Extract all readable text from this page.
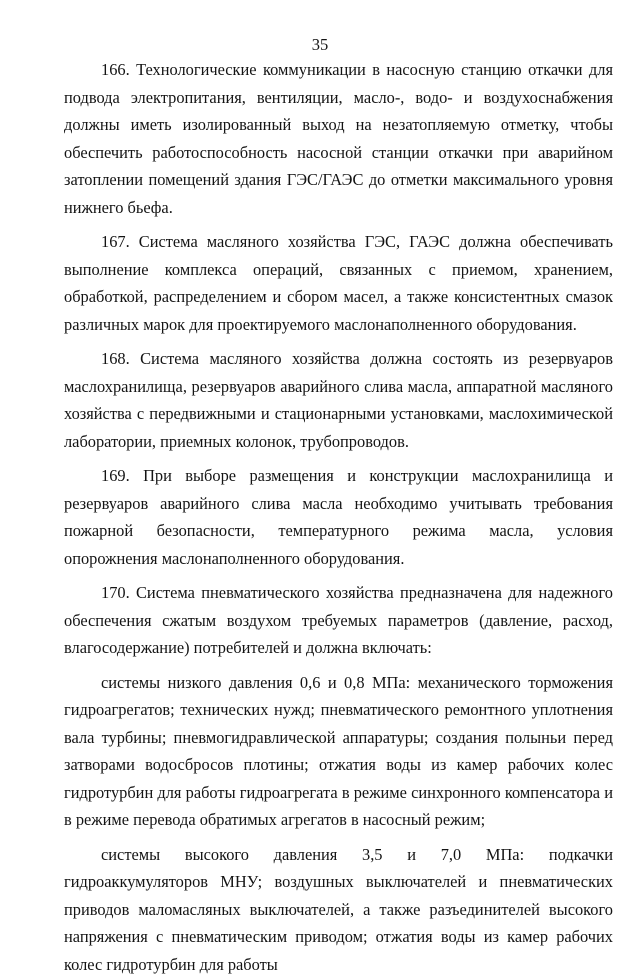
35

166. Технологические коммуникации в насосную станцию откачки для подвода электропитания, вентиляции, масло-, водо- и воздухоснабжения должны иметь изолированный выход на незатопляемую отметку, чтобы обеспечить работоспособность насосной станции откачки при аварийном затоплении помещений здания ГЭС/ГАЭС до отметки максимального уровня нижнего бьефа.

167. Система масляного хозяйства ГЭС, ГАЭС должна обеспечивать выполнение комплекса операций, связанных с приемом, хранением, обработкой, распределением и сбором масел, а также консистентных смазок различных марок для проектируемого маслонаполненного оборудования.

168. Система масляного хозяйства должна состоять из резервуаров маслохранилища, резервуаров аварийного слива масла, аппаратной масляного хозяйства с передвижными и стационарными установками, маслохимической лаборатории, приемных колонок, трубопроводов.

169. При выборе размещения и конструкции маслохранилища и резервуаров аварийного слива масла необходимо учитывать требования пожарной безопасности, температурного режима масла, условия опорожнения маслонаполненного оборудования.

170. Система пневматического хозяйства предназначена для надежного обеспечения сжатым воздухом требуемых параметров (давление, расход, влагосодержание) потребителей и должна включать:

системы низкого давления 0,6 и 0,8 МПа: механического торможения гидроагрегатов; технических нужд; пневматического ремонтного уплотнения вала турбины; пневмогидравлической аппаратуры; создания полыньи перед затворами водосбросов плотины; отжатия воды из камер рабочих колес гидротурбин для работы гидроагрегата в режиме синхронного компенсатора и в режиме перевода обратимых агрегатов в насосный режим;

системы высокого давления 3,5 и 7,0 МПа: подкачки гидроаккумуляторов МНУ; воздушных выключателей и пневматических приводов маломасляных выключателей, а также разъединителей высокого напряжения с пневматическим приводом; отжатия воды из камер рабочих колес гидротурбин для работы
